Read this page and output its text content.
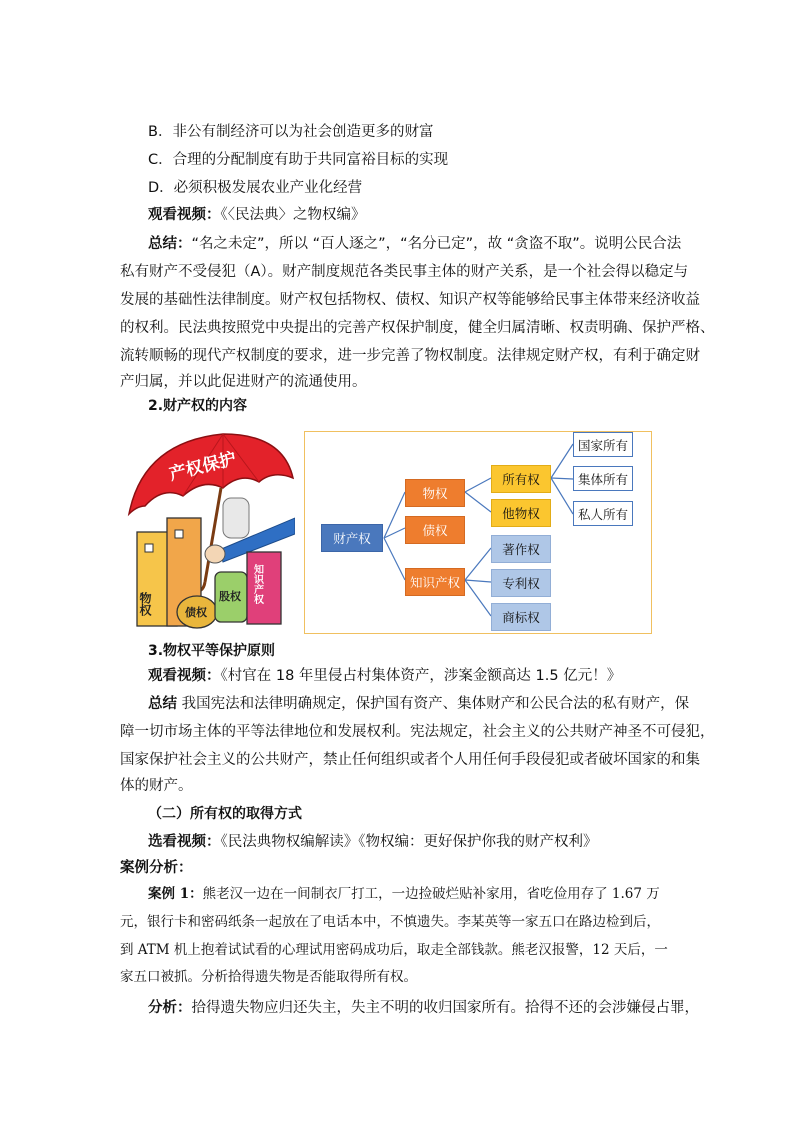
B．非公有制经济可以为社会创造更多的财富
C．合理的分配制度有助于共同富裕目标的实现
D．必须积极发展农业产业化经营
观看视频：《〈民法典〉之物权编》
总结：“名之未定”，所以 “百人逐之”，“名分已定”，故 “贪盗不取”。说明公民合法
私有财产不受侵犯（A）。财产制度规范各类民事主体的财产关系，是一个社会得以稳定与
发展的基础性法律制度。财产权包括物权、债权、知识产权等能够给民事主体带来经济收益
的权利。民法典按照党中央提出的完善产权保护制度，健全归属清晰、权责明确、保护严格、
流转顺畅的现代产权制度的要求，进一步完善了物权制度。法律规定财产权，有利于确定财
产归属，并以此促进财产的流通使用。
2.财产权的内容
产权保护
物权	债权
股权 知识产权
财产权
物权
债权
知识产权
所有权
他物权
国家所有
集体所有
私人所有
著作权
专利权
商标权
3.物权平等保护原则
观看视频：《村官在 18 年里侵占村集体资产，涉案金额高达 1.5 亿元！》
总结 我国宪法和法律明确规定，保护国有资产、集体财产和公民合法的私有财产，保
障一切市场主体的平等法律地位和发展权利。宪法规定，社会主义的公共财产神圣不可侵犯，
国家保护社会主义的公共财产，禁止任何组织或者个人用任何手段侵犯或者破坏国家的和集
体的财产。
（二）所有权的取得方式
选看视频：《民法典物权编解读》《物权编：更好保护你我的财产权利》
案例分析：
案例 1：熊老汉一边在一间制衣厂打工，一边捡破烂贴补家用，省吃俭用存了 1.67 万
元，银行卡和密码纸条一起放在了电话本中，不慎遗失。李某英等一家五口在路边检到后，
到 ATM 机上抱着试试看的心理试用密码成功后，取走全部钱款。熊老汉报警，12 天后，一
家五口被抓。分析拾得遗失物是否能取得所有权。
分析：拾得遗失物应归还失主，失主不明的收归国家所有。拾得不还的会涉嫌侵占罪，
